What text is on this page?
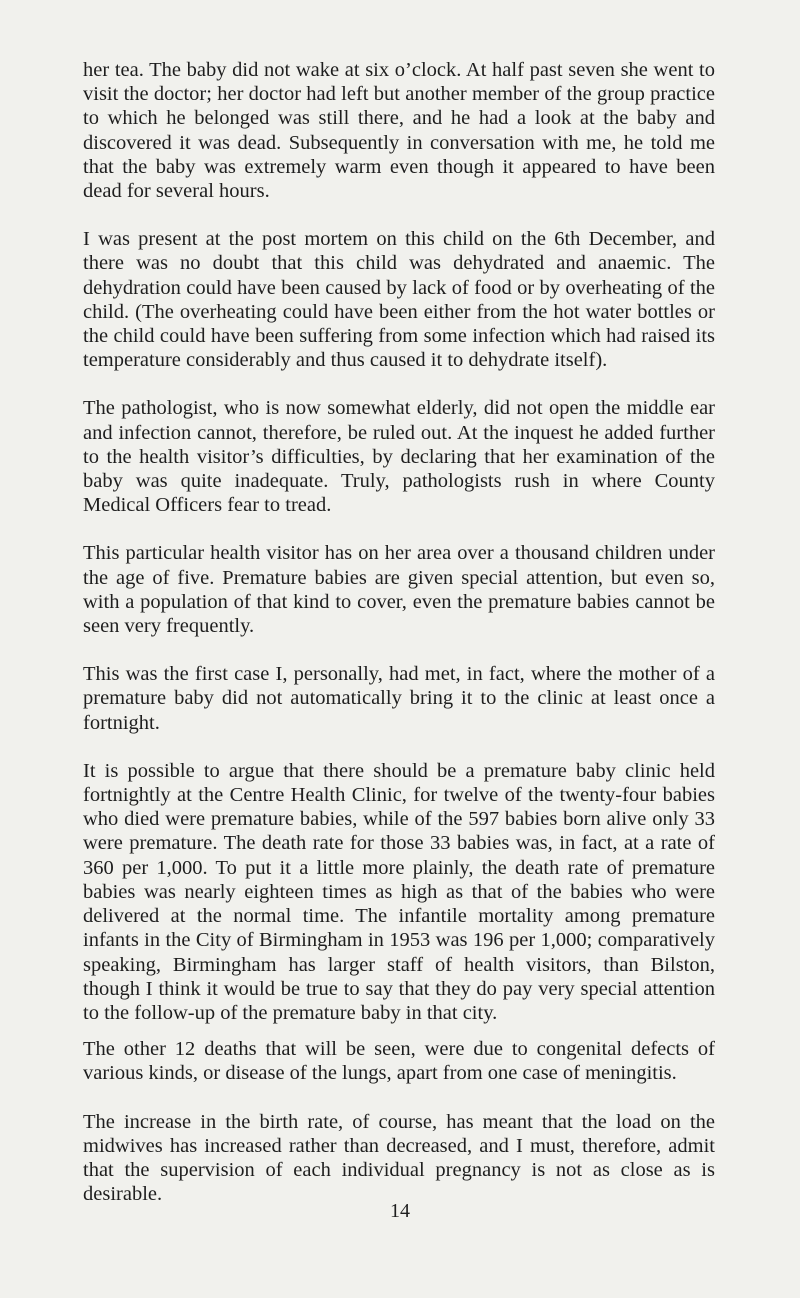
her tea. The baby did not wake at six o’clock. At half past seven she went to visit the doctor; her doctor had left but another member of the group practice to which he belonged was still there, and he had a look at the baby and discovered it was dead. Subsequently in conversation with me, he told me that the baby was extremely warm even though it appeared to have been dead for several hours.

I was present at the post mortem on this child on the 6th December, and there was no doubt that this child was dehydrated and anaemic. The dehydration could have been caused by lack of food or by overheating of the child. (The overheating could have been either from the hot water bottles or the child could have been suffering from some infection which had raised its temperature considerably and thus caused it to dehydrate itself).

The pathologist, who is now somewhat elderly, did not open the middle ear and infection cannot, therefore, be ruled out. At the inquest he added further to the health visitor’s difficulties, by declaring that her examination of the baby was quite inadequate. Truly, pathologists rush in where County Medical Officers fear to tread.

This particular health visitor has on her area over a thousand children under the age of five. Premature babies are given special attention, but even so, with a population of that kind to cover, even the premature babies cannot be seen very frequently.

This was the first case I, personally, had met, in fact, where the mother of a premature baby did not automatically bring it to the clinic at least once a fortnight.

It is possible to argue that there should be a premature baby clinic held fortnightly at the Centre Health Clinic, for twelve of the twenty-four babies who died were premature babies, while of the 597 babies born alive only 33 were premature. The death rate for those 33 babies was, in fact, at a rate of 360 per 1,000. To put it a little more plainly, the death rate of premature babies was nearly eighteen times as high as that of the babies who were delivered at the normal time. The infantile mortality among premature infants in the City of Birmingham in 1953 was 196 per 1,000; comparatively speaking, Birmingham has larger staff of health visitors, than Bilston, though I think it would be true to say that they do pay very special attention to the follow-up of the premature baby in that city.

The other 12 deaths that will be seen, were due to congenital defects of various kinds, or disease of the lungs, apart from one case of meningitis.

The increase in the birth rate, of course, has meant that the load on the midwives has increased rather than decreased, and I must, therefore, admit that the supervision of each individual pregnancy is not as close as is desirable.

14
